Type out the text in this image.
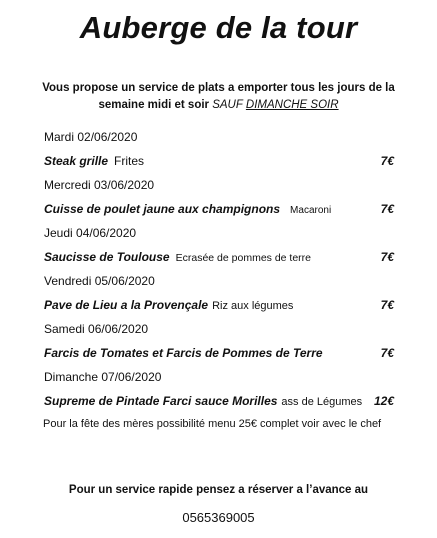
Auberge de la tour
Vous propose un service de plats a emporter tous les jours de la
semaine midi et soir SAUF DIMANCHE SOIR
Mardi 02/06/2020
Steak grille Frites	7€
Mercredi 03/06/2020
Cuisse de poulet jaune aux champignons Macaroni	7€
Jeudi 04/06/2020
Saucisse de Toulouse Ecrasée de pommes de terre	7€
Vendredi 05/06/2020
Pave de Lieu a la Provençale Riz aux légumes	7€
Samedi 06/06/2020
Farcis de Tomates et Farcis de Pommes de Terre	7€
Dimanche 07/06/2020
Supreme de Pintade Farci sauce Morilles ass de Légumes 12€
Pour la fête des mères possibilité menu 25€ complet voir avec le chef
Pour un service rapide pensez a réserver a l’avance au
0565369005
